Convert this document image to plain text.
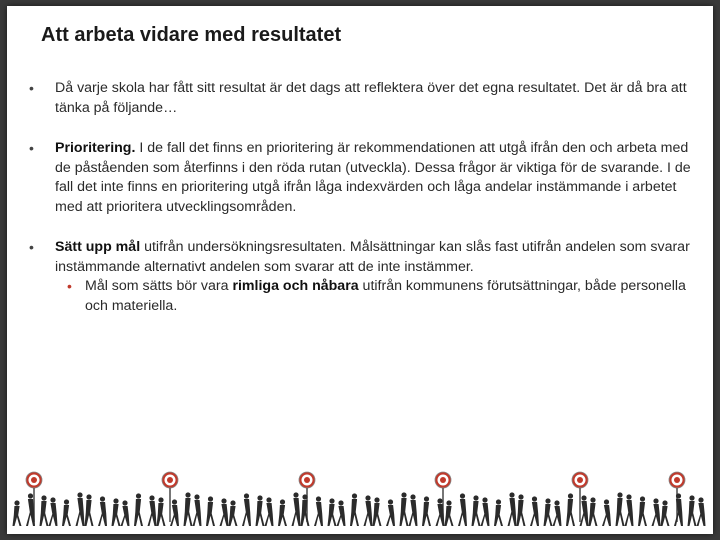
Att arbeta vidare med resultatet
• Då varje skola har fått sitt resultat är det dags att reflektera över det egna resultatet. Det är då bra att tänka på följande…
• Prioritering. I de fall det finns en prioritering är rekommendationen att utgå ifrån den och arbeta med de påståenden som återfinns i den röda rutan (utveckla). Dessa frågor är viktiga för de svarande. I de fall det inte finns en prioritering utgå ifrån låga indexvärden och låga andelar instämmande i arbetet med att prioritera utvecklingsområden.
• Sätt upp mål utifrån undersökningsresultaten. Målsättningar kan slås fast utifrån andelen som svarar instämmande alternativt andelen som svarar att de inte instämmer.
• Mål som sätts bör vara rimliga och nåbara utifrån kommunens förutsättningar, både personella och materiella.
